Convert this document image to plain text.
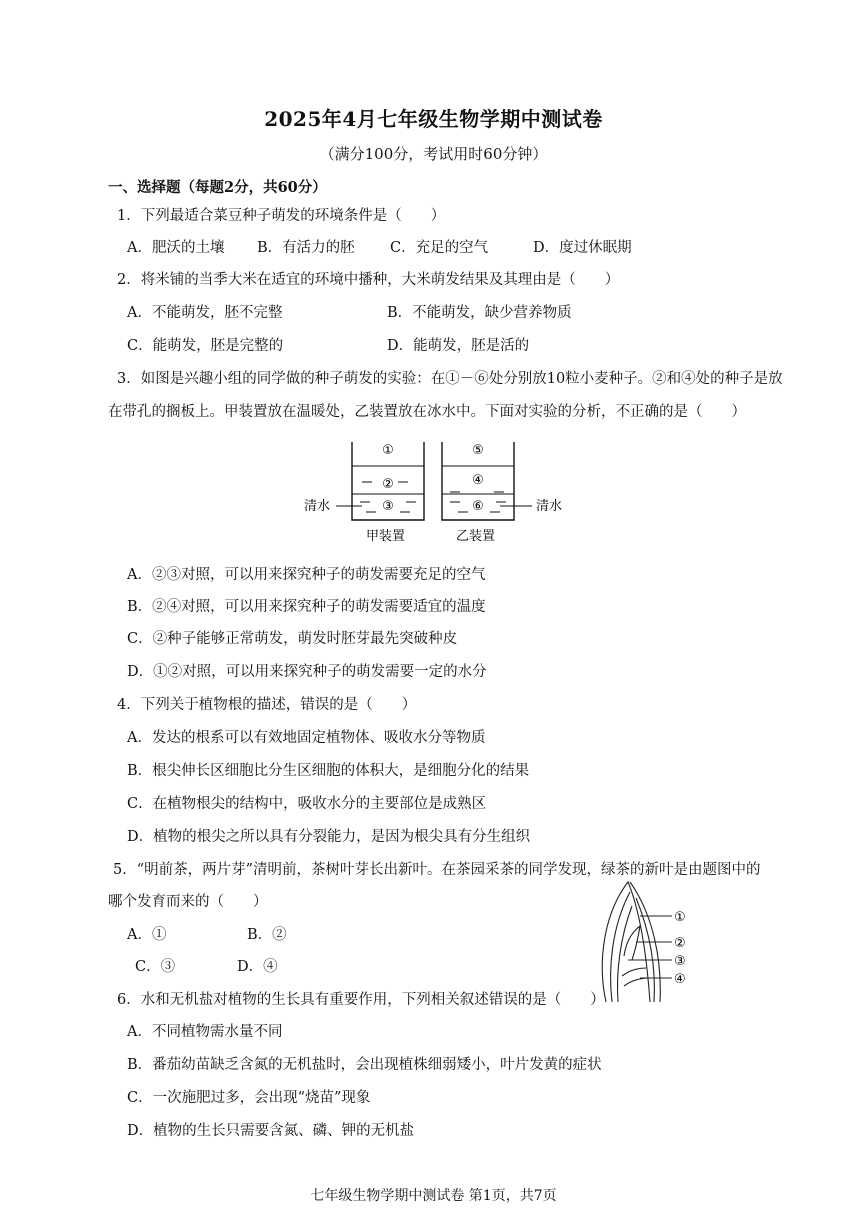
2025年4月七年级生物学期中测试卷
（满分100分，考试用时60分钟）
一、选择题（每题2分，共60分）
1．下列最适合菜豆种子萌发的环境条件是（　　）
A．肥沃的土壤 B．有活力的胚 C．充足的空气	D．度过休眠期
2．将米铺的当季大米在适宜的环境中播种，大米萌发结果及其理由是（　　）
A．不能萌发，胚不完整	B．不能萌发，缺少营养物质
C．能萌发，胚是完整的	D．能萌发，胚是活的
3．如图是兴趣小组的同学做的种子萌发的实验：在①－⑥处分别放10粒小麦种子。②和④处的种子是放
在带孔的搁板上。甲装置放在温暖处，乙装置放在冰水中。下面对实验的分析，不正确的是（　　）
①
②
③
清水
甲装置
⑤
④
⑥	清水
乙装置
A．②③对照，可以用来探究种子的萌发需要充足的空气
B．②④对照，可以用来探究种子的萌发需要适宜的温度
C．②种子能够正常萌发，萌发时胚芽最先突破种皮
D．①②对照，可以用来探究种子的萌发需要一定的水分
4．下列关于植物根的描述，错误的是（　　）
A．发达的根系可以有效地固定植物体、吸收水分等物质
B．根尖伸长区细胞比分生区细胞的体积大，是细胞分化的结果
C．在植物根尖的结构中，吸收水分的主要部位是成熟区
D．植物的根尖之所以具有分裂能力，是因为根尖具有分生组织
5．“明前茶，两片芽”清明前，茶树叶芽长出新叶。在茶园采茶的同学发现，绿茶的新叶是由题图中的
哪个发育而来的（　　）
A．①	B．②
C．③	D．④
①
②
③
④
6．水和无机盐对植物的生长具有重要作用，下列相关叙述错误的是（　　）
A．不同植物需水量不同
B．番茄幼苗缺乏含氮的无机盐时，会出现植株细弱矮小，叶片发黄的症状
C．一次施肥过多，会出现“烧苗”现象
D．植物的生长只需要含氮、磷、钾的无机盐
七年级生物学期中测试卷 第1页，共7页
